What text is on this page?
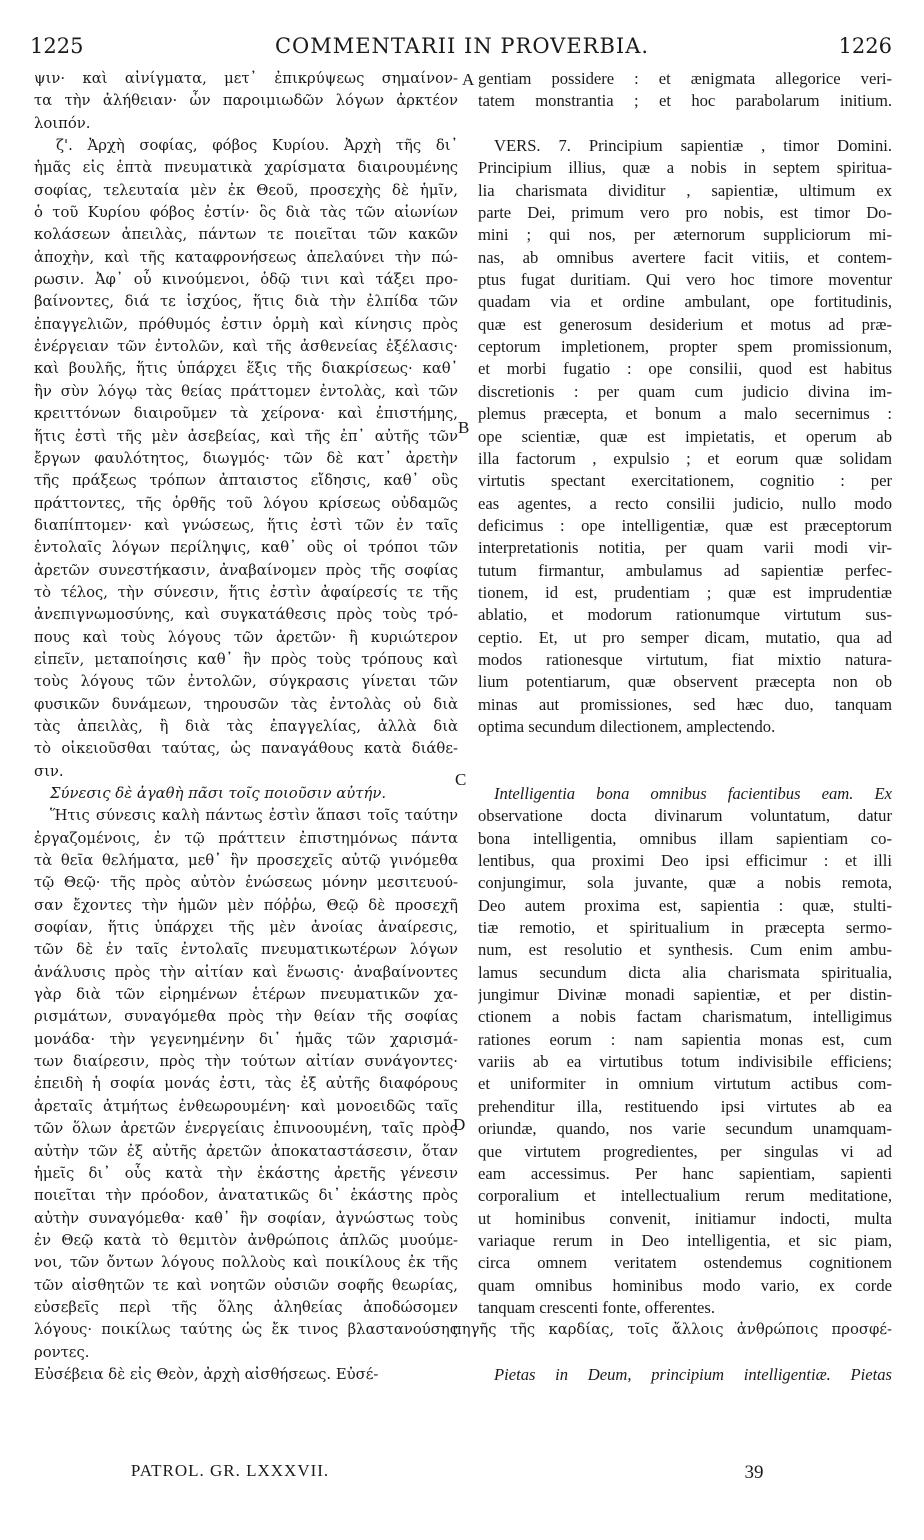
1225	COMMENTARII IN PROVERBIA.	1226
ψιν· καὶ αἰνίγματα, μετ᾽ ἐπικρύψεως σημαίνον-
τα τὴν ἀλήθειαν· ὧν παροιμιωδῶν λόγων ἀρκτέον
λοιπόν.
ζ'. Ἀρχὴ σοφίας, φόβος Κυρίου. Ἀρχὴ τῆς δι᾽
ἡμᾶς εἰς ἑπτὰ πνευματικὰ χαρίσματα διαιρουμένης
σοφίας, τελευταία μὲν ἐκ Θεοῦ, προσεχὴς δὲ ἡμῖν,
ὁ τοῦ Κυρίου φόβος ἐστίν· ὃς διὰ τὰς τῶν αἰωνίων
κολάσεων ἀπειλὰς, πάντων τε ποιεῖται τῶν κακῶν
ἀποχὴν, καὶ τῆς καταφρονήσεως ἀπελαύνει τὴν πώ-
ρωσιν. Ἀφ᾽ οὗ κινούμενοι, ὁδῷ τινι καὶ τάξει προ-
βαίνοντες, διά τε ἰσχύος, ἥτις διὰ τὴν ἐλπίδα τῶν
ἐπαγγελιῶν, πρόθυμός ἐστιν ὁρμὴ καὶ κίνησις πρὸς
ἐνέργειαν τῶν ἐντολῶν, καὶ τῆς ἀσθενείας ἐξέλασις·
καὶ βουλῆς, ἥτις ὑπάρχει ἕξις τῆς διακρίσεως· καθ᾽
ἣν σὺν λόγῳ τὰς θείας πράττομεν ἐντολὰς, καὶ τῶν
κρειττόνων διαιροῦμεν τὰ χείρονα· καὶ ἐπιστήμης,
ἥτις ἐστὶ τῆς μὲν ἀσεβείας, καὶ τῆς ἐπ᾽ αὐτῆς τῶν
ἔργων φαυλότητος, διωγμός· τῶν δὲ κατ᾽ ἀρετὴν
τῆς πράξεως τρόπων ἀπταιστος εἴδησις, καθ᾽ οὓς
πράττοντες, τῆς ὀρθῆς τοῦ λόγου κρίσεως οὐδαμῶς
διαπίπτομεν· καὶ γνώσεως, ἥτις ἐστὶ τῶν ἐν ταῖς
ἐντολαῖς λόγων περίληψις, καθ᾽ οὓς οἱ τρόποι τῶν
ἀρετῶν συνεστήκασιν, ἀναβαίνομεν πρὸς τῆς σοφίας
τὸ τέλος, τὴν σύνεσιν, ἥτις ἐστὶν ἀφαίρεσίς τε τῆς
ἀνεπιγνωμοσύνης, καὶ συγκατάθεσις πρὸς τοὺς τρό-
πους καὶ τοὺς λόγους τῶν ἀρετῶν· ἢ κυριώτερον
εἰπεῖν, μεταποίησις καθ᾽ ἣν πρὸς τοὺς τρόπους καὶ
τοὺς λόγους τῶν ἐντολῶν, σύγκρασις γίνεται τῶν
φυσικῶν δυνάμεων, τηρουσῶν τὰς ἐντολὰς οὐ διὰ
τὰς ἀπειλὰς, ἢ διὰ τὰς ἐπαγγελίας, ἀλλὰ διὰ
τὸ οἰκειοῦσθαι ταύτας, ὡς παναγάθους κατὰ διάθε-
σιν.
Σύνεσις δὲ ἀγαθὴ πᾶσι τοῖς ποιοῦσιν αὐτήν.
Ἥτις σύνεσις καλὴ πάντως ἐστὶν ἅπασι τοῖς ταύτην
ἐργαζομένοις, ἐν τῷ πράττειν ἐπιστημόνως πάντα
τὰ θεῖα θελήματα, μεθ᾽ ἣν προσεχεῖς αὐτῷ γινόμεθα
τῷ Θεῷ· τῆς πρὸς αὐτὸν ἑνώσεως μόνην μεσιτευού-
σαν ἔχοντες τὴν ἡμῶν μὲν πόῤῥω, Θεῷ δὲ προσεχῆ
σοφίαν, ἥτις ὑπάρχει τῆς μὲν ἀνοίας ἀναίρεσις,
τῶν δὲ ἐν ταῖς ἐντολαῖς πνευματικωτέρων λόγων
ἀνάλυσις πρὸς τὴν αἰτίαν καὶ ἕνωσις· ἀναβαίνοντες
γὰρ διὰ τῶν εἰρημένων ἑτέρων πνευματικῶν χα-
ρισμάτων, συναγόμεθα πρὸς τὴν θείαν τῆς σοφίας
μονάδα· τὴν γεγενημένην δι᾽ ἡμᾶς τῶν χαρισμά-
των διαίρεσιν, πρὸς τὴν τούτων αἰτίαν συνάγοντες·
ἐπειδὴ ἡ σοφία μονάς ἐστι, τὰς ἐξ αὐτῆς διαφόρους
ἀρεταῖς ἀτμήτως ἐνθεωρουμένη· καὶ μονοειδῶς ταῖς
τῶν ὅλων ἀρετῶν ἐνεργείαις ἐπινοουμένη, ταῖς πρὸς
αὐτὴν τῶν ἐξ αὐτῆς ἀρετῶν ἀποκαταστάσεσιν, ὅταν
ἡμεῖς δι᾽ οὗς κατὰ τὴν ἑκάστης ἀρετῆς γένεσιν
ποιεῖται τὴν πρόοδον, ἀνατατικῶς δι᾽ ἑκάστης πρὸς
αὐτὴν συναγόμεθα· καθ᾽ ἣν σοφίαν, ἀγνώστως τοὺς
ἐν Θεῷ κατὰ τὸ θεμιτὸν ἀνθρώποις ἁπλῶς μυούμε-
νοι, τῶν ὄντων λόγους πολλοὺς καὶ ποικίλους ἐκ τῆς
τῶν αἰσθητῶν τε καὶ νοητῶν οὐσιῶν σοφῆς θεωρίας,
εὐσεβεῖς περὶ τῆς ὅλης ἀληθείας ἀποδώσομεν
λόγους· ποικίλως ταύτης ὡς ἔκ τινος βλαστανούσης
ροντες.
Εὐσέβεια δὲ εἰς Θεὸν, ἀρχὴ αἰσθήσεως. Εὐσέ-
A
B
C
D
gentiam possidere : et ænigmata allegorice veri-
tatem monstrantia ; et hoc parabolarum initium.
VERS. 7. Principium sapientiæ , timor Domini.
Principium illius, quæ a nobis in septem spiritua-
lia charismata dividitur , sapientiæ, ultimum ex
parte Dei, primum vero pro nobis, est timor Do-
mini ; qui nos, per æternorum suppliciorum mi-
nas, ab omnibus avertere facit vitiis, et contem-
ptus fugat duritiam. Qui vero hoc timore moventur
quadam via et ordine ambulant, ope fortitudinis,
quæ est generosum desiderium et motus ad præ-
ceptorum impletionem, propter spem promissionum,
et morbi fugatio : ope consilii, quod est habitus
discretionis : per quam cum judicio divina im-
plemus præcepta, et bonum a malo secernimus :
ope scientiæ, quæ est impietatis, et operum ab
illa factorum , expulsio ; et eorum quæ solidam
virtutis spectant exercitationem, cognitio : per
eas agentes, a recto consilii judicio, nullo modo
deficimus : ope intelligentiæ, quæ est præceptorum
interpretationis notitia, per quam varii modi vir-
tutum firmantur, ambulamus ad sapientiæ perfec-
tionem, id est, prudentiam ; quæ est imprudentiæ
ablatio, et modorum rationumque virtutum sus-
ceptio. Et, ut pro semper dicam, mutatio, qua ad
modos rationesque virtutum, fiat mixtio natura-
lium potentiarum, quæ observent præcepta non ob
minas aut promissiones, sed hæc duo, tanquam
optima secundum dilectionem, amplectendo.
Intelligentia bona omnibus facientibus eam. Ex
observatione docta divinarum voluntatum, datur
bona intelligentia, omnibus illam sapientiam co-
lentibus, qua proximi Deo ipsi efficimur : et illi
conjungimur, sola juvante, quæ a nobis remota,
Deo autem proxima est, sapientia : quæ, stulti-
tiæ remotio, et spiritualium in præcepta sermo-
num, est resolutio et synthesis. Cum enim ambu-
lamus secundum dicta alia charismata spiritualia,
jungimur Divinæ monadi sapientiæ, et per distin-
ctionem a nobis factam charismatum, intelligimus
rationes eorum : nam sapientia monas est, cum
variis ab ea virtutibus totum indivisibile efficiens;
et uniformiter in omnium virtutum actibus com-
prehenditur illa, restituendo ipsi virtutes ab ea
oriundæ, quando, nos varie secundum unamquam-
que virtutem progredientes, per singulas vi ad
eam accessimus. Per hanc sapientiam, sapienti
corporalium et intellectualium rerum meditatione,
ut hominibus convenit, initiamur indocti, multa
variaque rerum in Deo intelligentia, et sic piam,
circa omnem veritatem ostendemus cognitionem
quam omnibus hominibus modo vario, ex corde
tanquam crescenti fonte, offerentes.
πηγῆς τῆς καρδίας, τοῖς ἄλλοις ἀνθρώποις προσφέ-
Pietas in Deum, principium intelligentiæ. Pietas
PATROL. GR. LXXXVII.	39
